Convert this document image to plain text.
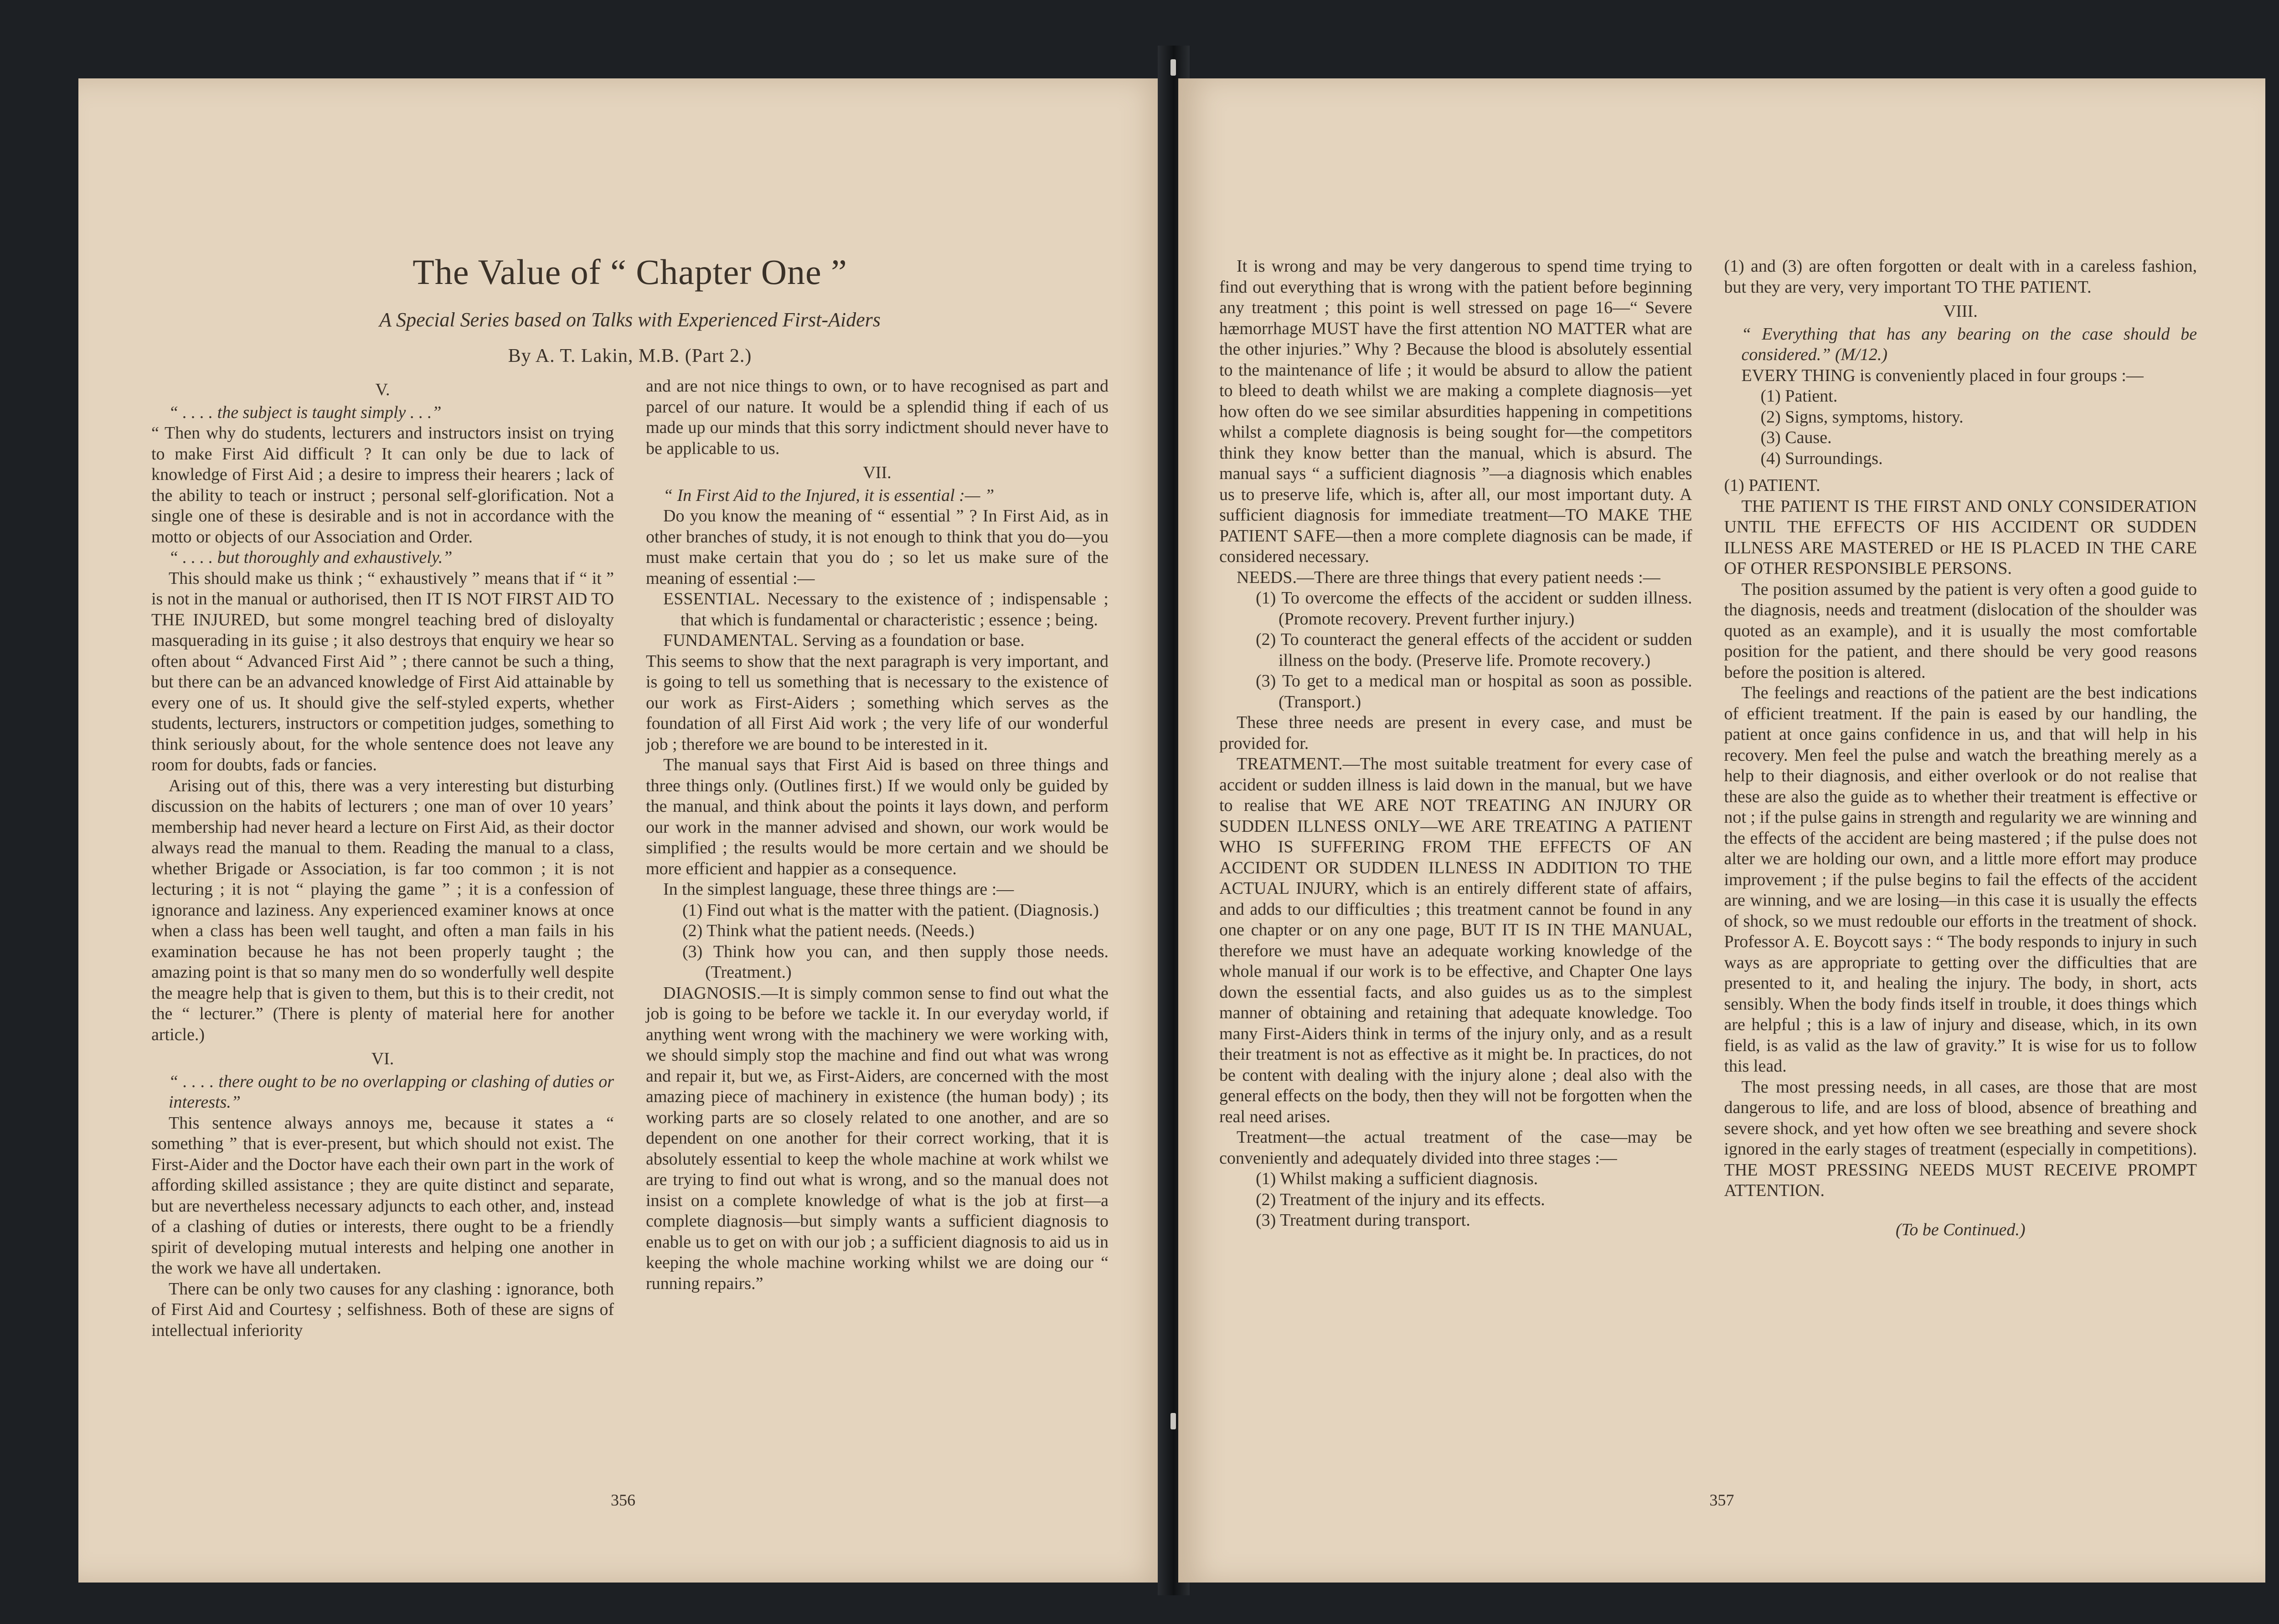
The Value of “ Chapter One ”
A Special Series based on Talks with Experienced First-Aiders
By A. T. Lakin, M.B. (Part 2.)

V.

“ . . . . the subject is taught simply . . .”

“ Then why do students, lecturers and instructors insist on trying to make First Aid difficult ? It can only be due to lack of knowledge of First Aid ; a desire to impress their hearers ; lack of the ability to teach or instruct ; personal self-glorification. Not a single one of these is desirable and is not in accordance with the motto or objects of our Association and Order.

“ . . . . but thoroughly and exhaustively.”

This should make us think ; “ exhaustively ” means that if “ it ” is not in the manual or authorised, then IT IS NOT FIRST AID TO THE INJURED, but some mongrel teaching bred of disloyalty masquerading in its guise ; it also destroys that enquiry we hear so often about “ Advanced First Aid ” ; there cannot be such a thing, but there can be an advanced knowledge of First Aid attainable by every one of us. It should give the self-styled experts, whether students, lecturers, instructors or competition judges, something to think seriously about, for the whole sentence does not leave any room for doubts, fads or fancies.

Arising out of this, there was a very interesting but disturbing discussion on the habits of lecturers ; one man of over 10 years’ membership had never heard a lecture on First Aid, as their doctor always read the manual to them. Reading the manual to a class, whether Brigade or Association, is far too common ; it is not lecturing ; it is not “ playing the game ” ; it is a confession of ignorance and laziness. Any experienced examiner knows at once when a class has been well taught, and often a man fails in his examination because he has not been properly taught ; the amazing point is that so many men do so wonderfully well despite the meagre help that is given to them, but this is to their credit, not the “ lecturer.” (There is plenty of material here for another article.)

VI.

“ . . . . there ought to be no overlapping or clashing of duties or interests.”

This sentence always annoys me, because it states a “ something ” that is ever-present, but which should not exist. The First-Aider and the Doctor have each their own part in the work of affording skilled assistance ; they are quite distinct and separate, but are nevertheless necessary adjuncts to each other, and, instead of a clashing of duties or interests, there ought to be a friendly spirit of developing mutual interests and helping one another in the work we have all undertaken.

There can be only two causes for any clashing : ignorance, both of First Aid and Courtesy ; selfishness. Both of these are signs of intellectual inferiority

and are not nice things to own, or to have recognised as part and parcel of our nature. It would be a splendid thing if each of us made up our minds that this sorry indictment should never have to be applicable to us.

VII.

“ In First Aid to the Injured, it is essential :— ”

Do you know the meaning of “ essential ” ? In First Aid, as in other branches of study, it is not enough to think that you do—you must make certain that you do ; so let us make sure of the meaning of essential :—

ESSENTIAL. Necessary to the existence of ; indispensable ; that which is fundamental or characteristic ; essence ; being.

FUNDAMENTAL. Serving as a foundation or base.

This seems to show that the next paragraph is very important, and is going to tell us something that is necessary to the existence of our work as First-Aiders ; something which serves as the foundation of all First Aid work ; the very life of our wonderful job ; therefore we are bound to be interested in it.

The manual says that First Aid is based on three things and three things only. (Outlines first.) If we would only be guided by the manual, and think about the points it lays down, and perform our work in the manner advised and shown, our work would be simplified ; the results would be more certain and we should be more efficient and happier as a consequence.

In the simplest language, these three things are :—

(1) Find out what is the matter with the patient. (Diagnosis.)

(2) Think what the patient needs. (Needs.)

(3) Think how you can, and then supply those needs. (Treatment.)

DIAGNOSIS.—It is simply common sense to find out what the job is going to be before we tackle it. In our everyday world, if anything went wrong with the machinery we were working with, we should simply stop the machine and find out what was wrong and repair it, but we, as First-Aiders, are concerned with the most amazing piece of machinery in existence (the human body) ; its working parts are so closely related to one another, and are so dependent on one another for their correct working, that it is absolutely essential to keep the whole machine at work whilst we are trying to find out what is wrong, and so the manual does not insist on a complete knowledge of what is the job at first—a complete diagnosis—but simply wants a sufficient diagnosis to enable us to get on with our job ; a sufficient diagnosis to aid us in keeping the whole machine working whilst we are doing our “ running repairs.”

356

It is wrong and may be very dangerous to spend time trying to find out everything that is wrong with the patient before beginning any treatment ; this point is well stressed on page 16—“ Severe hæmorrhage MUST have the first attention NO MATTER what are the other injuries.” Why ? Because the blood is absolutely essential to the maintenance of life ; it would be absurd to allow the patient to bleed to death whilst we are making a complete diagnosis—yet how often do we see similar absurdities happening in competitions whilst a complete diagnosis is being sought for—the competitors think they know better than the manual, which is absurd. The manual says “ a sufficient diagnosis ”—a diagnosis which enables us to preserve life, which is, after all, our most important duty. A sufficient diagnosis for immediate treatment—TO MAKE THE PATIENT SAFE—then a more complete diagnosis can be made, if considered necessary.

NEEDS.—There are three things that every patient needs :—

(1) To overcome the effects of the accident or sudden illness. (Promote recovery. Prevent further injury.)

(2) To counteract the general effects of the accident or sudden illness on the body. (Preserve life. Promote recovery.)

(3) To get to a medical man or hospital as soon as possible. (Transport.)

These three needs are present in every case, and must be provided for.

TREATMENT.—The most suitable treatment for every case of accident or sudden illness is laid down in the manual, but we have to realise that WE ARE NOT TREATING AN INJURY OR SUDDEN ILLNESS ONLY—WE ARE TREATING A PATIENT WHO IS SUFFERING FROM THE EFFECTS OF AN ACCIDENT OR SUDDEN ILLNESS IN ADDITION TO THE ACTUAL INJURY, which is an entirely different state of affairs, and adds to our difficulties ; this treatment cannot be found in any one chapter or on any one page, BUT IT IS IN THE MANUAL, therefore we must have an adequate working knowledge of the whole manual if our work is to be effective, and Chapter One lays down the essential facts, and also guides us as to the simplest manner of obtaining and retaining that adequate knowledge. Too many First-Aiders think in terms of the injury only, and as a result their treatment is not as effective as it might be. In practices, do not be content with dealing with the injury alone ; deal also with the general effects on the body, then they will not be forgotten when the real need arises.

Treatment—the actual treatment of the case—may be conveniently and adequately divided into three stages :—

(1) Whilst making a sufficient diagnosis.

(2) Treatment of the injury and its effects.

(3) Treatment during transport.

(1) and (3) are often forgotten or dealt with in a careless fashion, but they are very, very important TO THE PATIENT.

VIII.

“ Everything that has any bearing on the case should be considered.” (M/12.)

EVERY THING is conveniently placed in four groups :—

(1) Patient.

(2) Signs, symptoms, history.

(3) Cause.

(4) Surroundings.

(1) PATIENT.

THE PATIENT IS THE FIRST AND ONLY CONSIDERATION UNTIL THE EFFECTS OF HIS ACCIDENT OR SUDDEN ILLNESS ARE MASTERED or HE IS PLACED IN THE CARE OF OTHER RESPONSIBLE PERSONS.

The position assumed by the patient is very often a good guide to the diagnosis, needs and treatment (dislocation of the shoulder was quoted as an example), and it is usually the most comfortable position for the patient, and there should be very good reasons before the position is altered.

The feelings and reactions of the patient are the best indications of efficient treatment. If the pain is eased by our handling, the patient at once gains confidence in us, and that will help in his recovery. Men feel the pulse and watch the breathing merely as a help to their diagnosis, and either overlook or do not realise that these are also the guide as to whether their treatment is effective or not ; if the pulse gains in strength and regularity we are winning and the effects of the accident are being mastered ; if the pulse does not alter we are holding our own, and a little more effort may produce improvement ; if the pulse begins to fail the effects of the accident are winning, and we are losing—in this case it is usually the effects of shock, so we must redouble our efforts in the treatment of shock. Professor A. E. Boycott says : “ The body responds to injury in such ways as are appropriate to getting over the difficulties that are presented to it, and healing the injury. The body, in short, acts sensibly. When the body finds itself in trouble, it does things which are helpful ; this is a law of injury and disease, which, in its own field, is as valid as the law of gravity.” It is wise for us to follow this lead.

The most pressing needs, in all cases, are those that are most dangerous to life, and are loss of blood, absence of breathing and severe shock, and yet how often we see breathing and severe shock ignored in the early stages of treatment (especially in competitions). THE MOST PRESSING NEEDS MUST RECEIVE PROMPT ATTENTION.

(To be Continued.)

357
